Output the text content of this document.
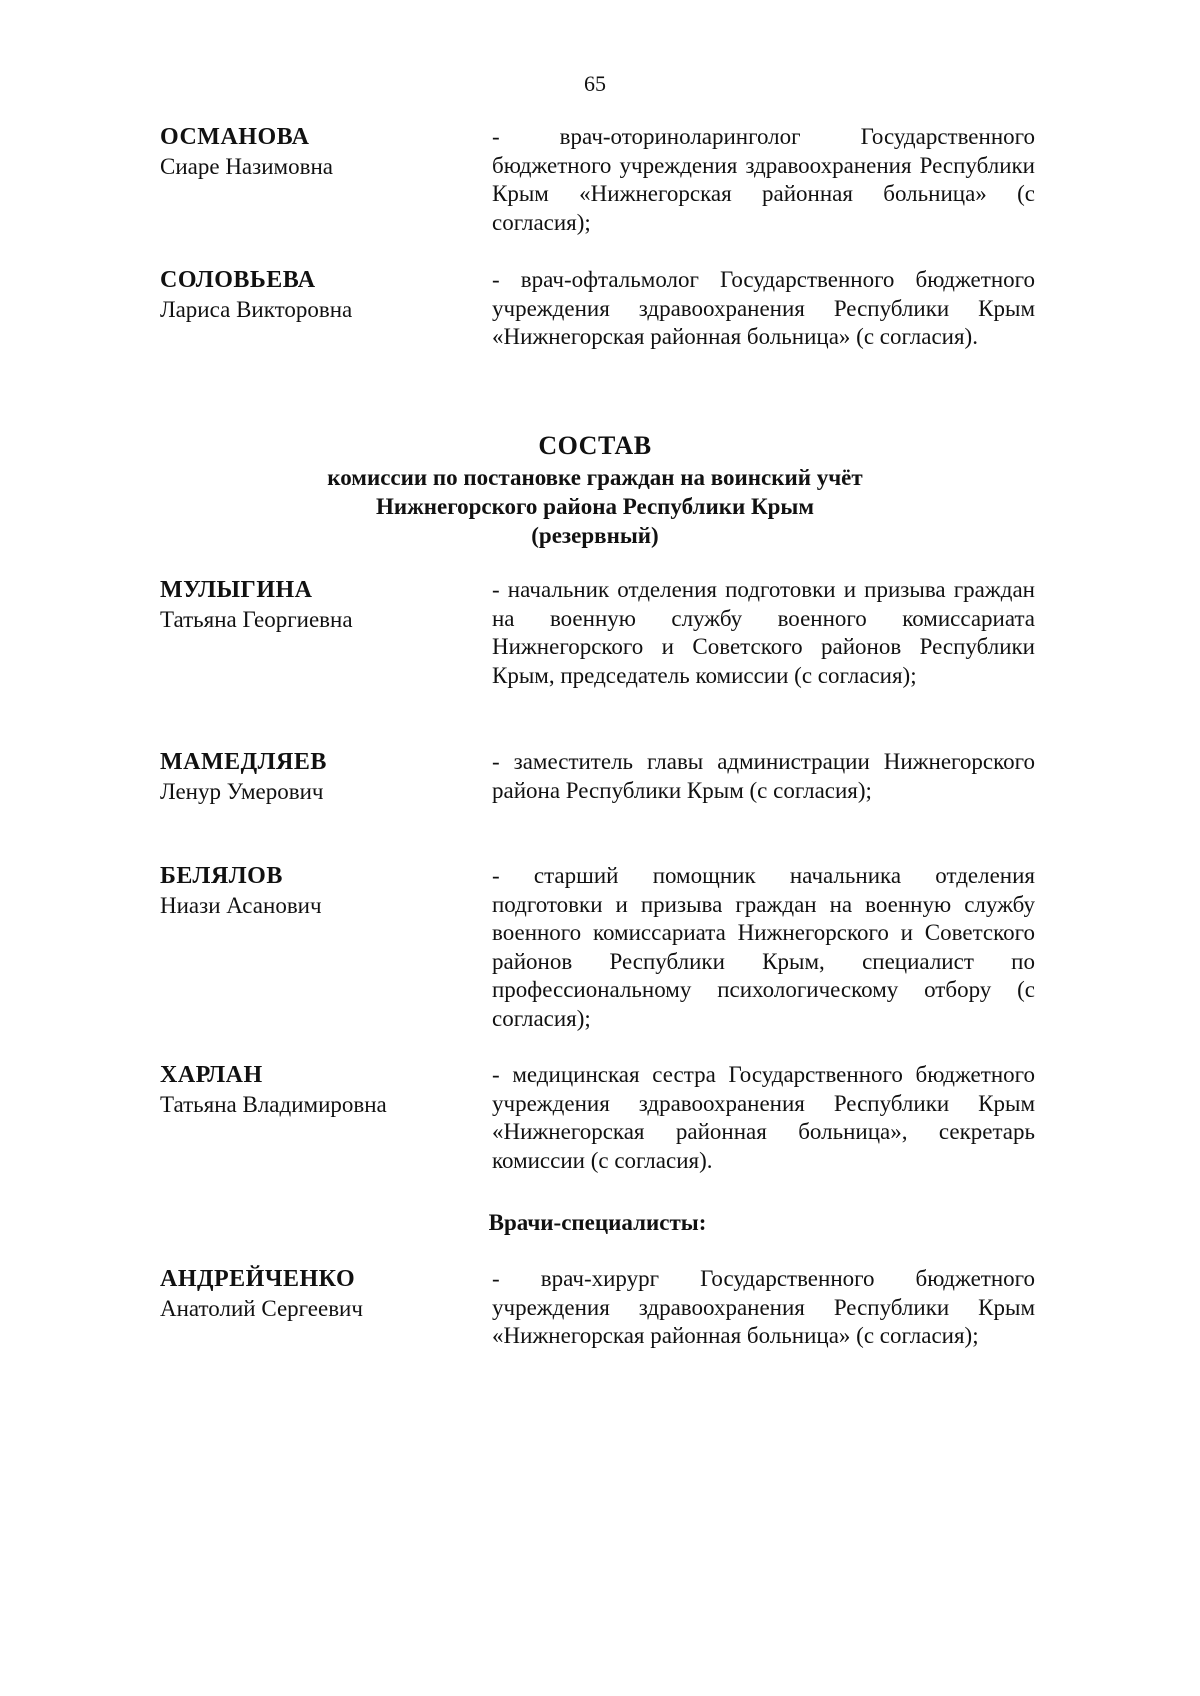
65
ОСМАНОВА
Сиаре Назимовна
- врач-оториноларинголог Государственного бюджетного учреждения здравоохранения Республики Крым «Нижнегорская районная больница» (с согласия);
СОЛОВЬЕВА
Лариса Викторовна
- врач-офтальмолог Государственного бюджетного учреждения здравоохранения Республики Крым «Нижнегорская районная больница» (с согласия).
СОСТАВ
комиссии по постановке граждан на воинский учёт
Нижнегорского района Республики Крым
(резервный)
МУЛЫГИНА
Татьяна Георгиевна
- начальник отделения подготовки и призыва граждан на военную службу военного комиссариата Нижнегорского и Советского районов Республики Крым, председатель комиссии (с согласия);
МАМЕДЛЯЕВ
Ленур Умерович
- заместитель главы администрации Нижнегорского района Республики Крым (с согласия);
БЕЛЯЛОВ
Ниази Асанович
- старший помощник начальника отделения подготовки и призыва граждан на военную службу военного комиссариата Нижнегорского и Советского районов Республики Крым, специалист по профессиональному психологическому отбору (с согласия);
ХАРЛАН
Татьяна Владимировна
- медицинская сестра Государственного бюджетного учреждения здравоохранения Республики Крым «Нижнегорская районная больница», секретарь комиссии (с согласия).
Врачи-специалисты:
АНДРЕЙЧЕНКО
Анатолий Сергеевич
- врач-хирург Государственного бюджетного учреждения здравоохранения Республики Крым «Нижнегорская районная больница» (с согласия);
